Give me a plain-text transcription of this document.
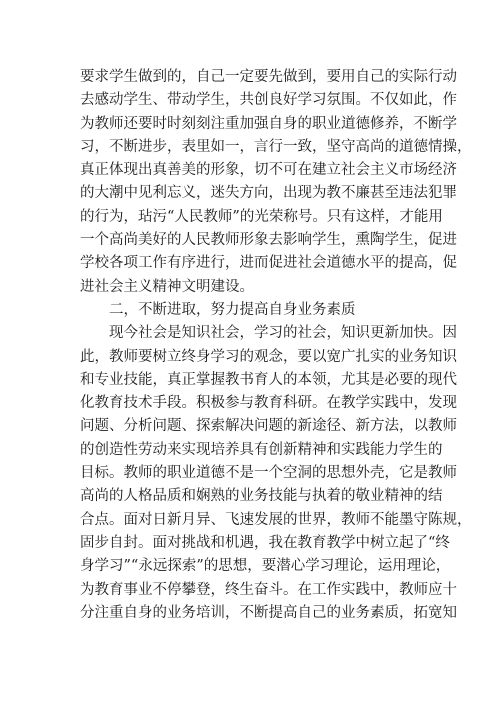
要求学生做到的，自己一定要先做到，要用自己的实际行动
去感动学生、带动学生，共创良好学习氛围。不仅如此，作
为教师还要时时刻刻注重加强自身的职业道德修养，不断学
习，不断进步，表里如一，言行一致，坚守高尚的道德情操，
真正体现出真善美的形象，切不可在建立社会主义市场经济
的大潮中见利忘义，迷失方向，出现为教不廉甚至违法犯罪
的行为，玷污“人民教师”的光荣称号。只有这样，才能用
一个高尚美好的人民教师形象去影响学生，熏陶学生，促进
学校各项工作有序进行，进而促进社会道德水平的提高，促
进社会主义精神文明建设。
　　二，不断进取，努力提高自身业务素质
　　现今社会是知识社会，学习的社会，知识更新加快。因
此，教师要树立终身学习的观念，要以宽广扎实的业务知识
和专业技能，真正掌握教书育人的本领，尤其是必要的现代
化教育技术手段。积极参与教育科研。在教学实践中，发现
问题、分析问题、探索解决问题的新途径、新方法，以教师
的创造性劳动来实现培养具有创新精神和实践能力学生的
目标。教师的职业道德不是一个空洞的思想外壳，它是教师
高尚的人格品质和娴熟的业务技能与执着的敬业精神的结
合点。面对日新月异、飞速发展的世界，教师不能墨守陈规，
固步自封。面对挑战和机遇，我在教育教学中树立起了“终
身学习”“永远探索”的思想，要潜心学习理论，运用理论，
为教育事业不停攀登，终生奋斗。在工作实践中，教师应十
分注重自身的业务培训，不断提高自己的业务素质，拓宽知
